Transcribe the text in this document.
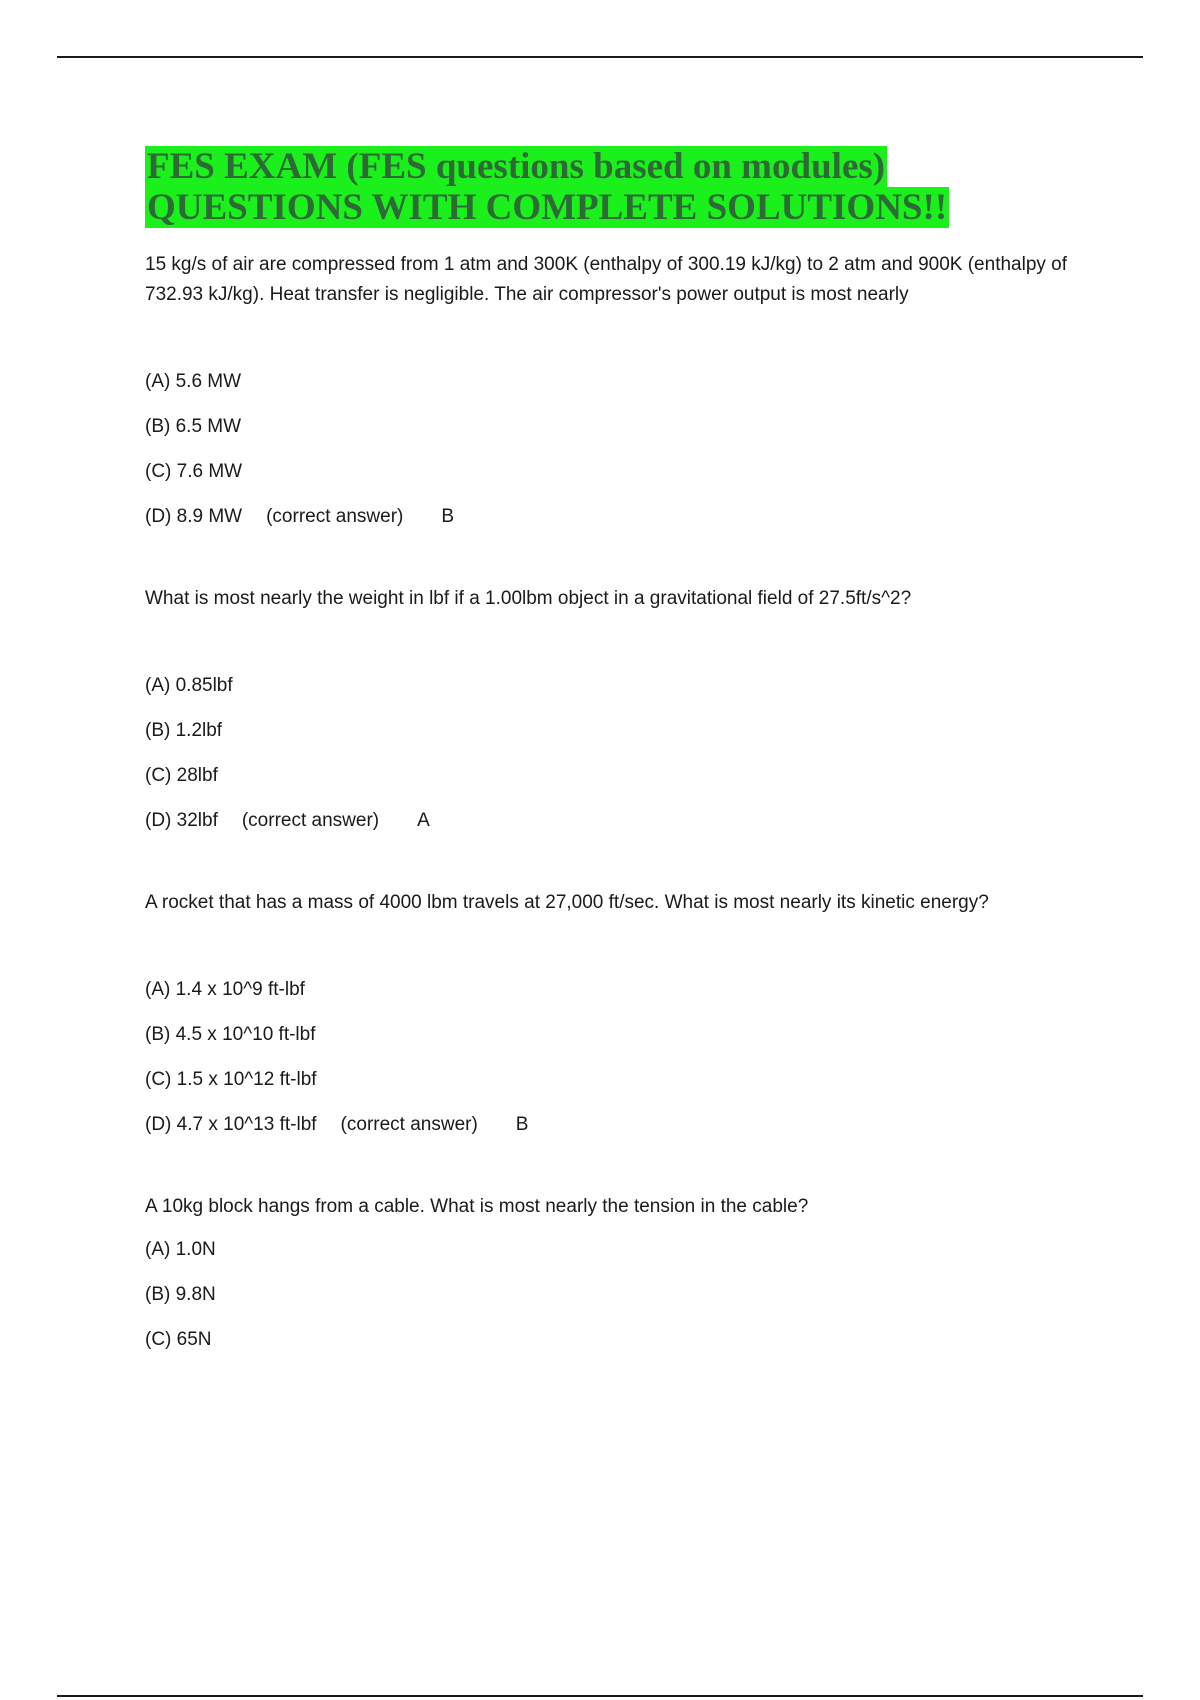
FES EXAM (FES questions based on modules)
QUESTIONS WITH COMPLETE SOLUTIONS!!

15 kg/s of air are compressed from 1 atm and 300K (enthalpy of 300.19 kJ/kg) to 2 atm and 900K (enthalpy of 732.93 kJ/kg). Heat transfer is negligible. The air compressor's power output is most nearly

(A) 5.6 MW
(B) 6.5 MW
(C) 7.6 MW
(D) 8.9 MW (correct answer) B

What is most nearly the weight in lbf if a 1.00lbm object in a gravitational field of 27.5ft/s^2?

(A) 0.85lbf
(B) 1.2lbf
(C) 28lbf
(D) 32lbf (correct answer) A

A rocket that has a mass of 4000 lbm travels at 27,000 ft/sec. What is most nearly its kinetic energy?

(A) 1.4 x 10^9 ft-lbf
(B) 4.5 x 10^10 ft-lbf
(C) 1.5 x 10^12 ft-lbf
(D) 4.7 x 10^13 ft-lbf (correct answer) B

A 10kg block hangs from a cable. What is most nearly the tension in the cable?

(A) 1.0N
(B) 9.8N
(C) 65N
